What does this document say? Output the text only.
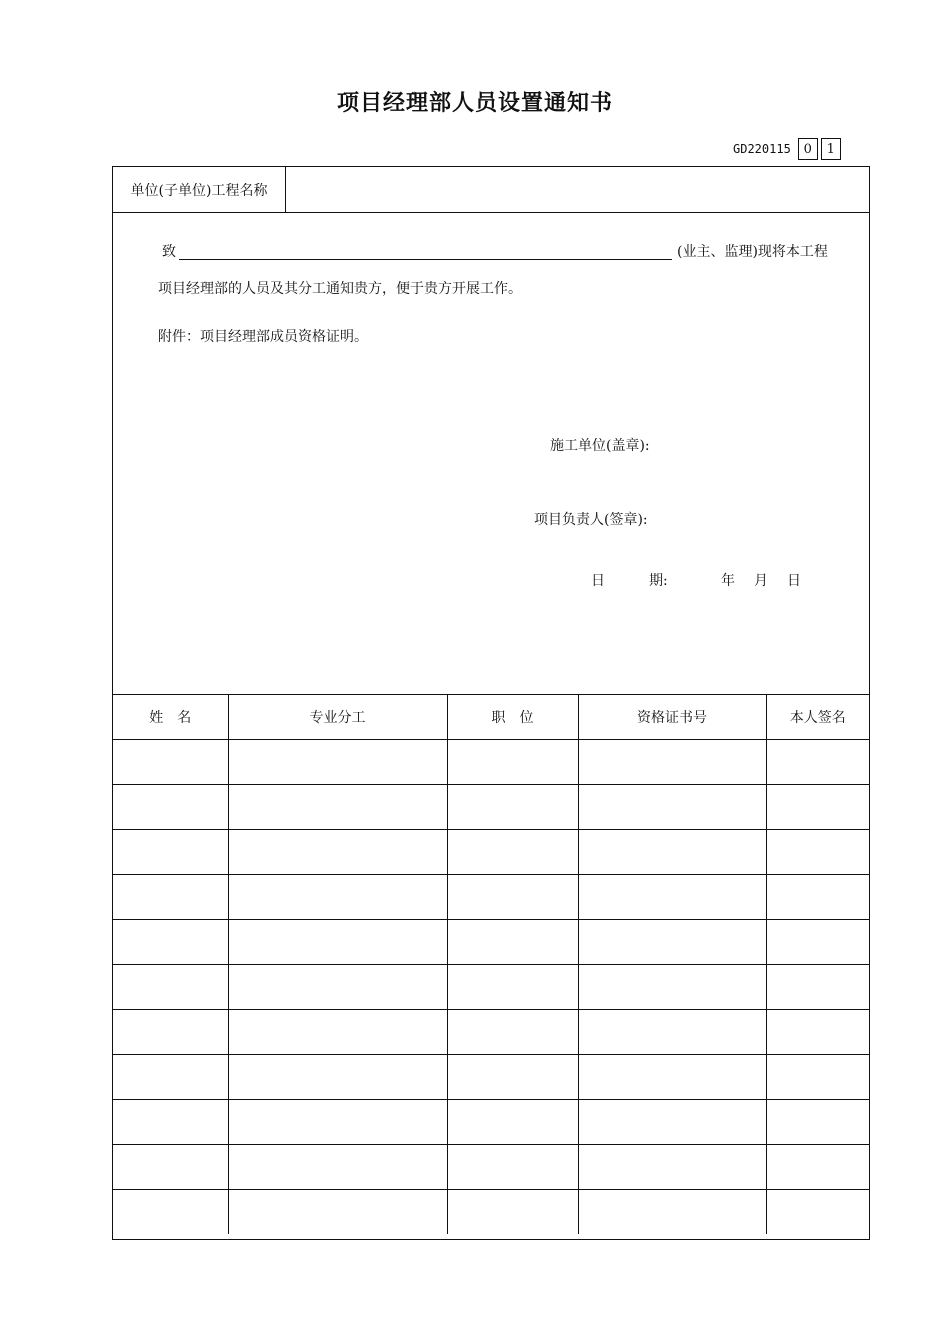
项目经理部人员设置通知书
GD220115 0	1
单位(子单位)工程名称
致	(业主、监理)现将本工程
项目经理部的人员及其分工通知贵方，便于贵方开展工作。
附件：项目经理部成员资格证明。
施工单位(盖章):
项目负责人(签章):
日	期:	年 月 日
姓　名	专业分工	职　位	资格证书号	本人签名
